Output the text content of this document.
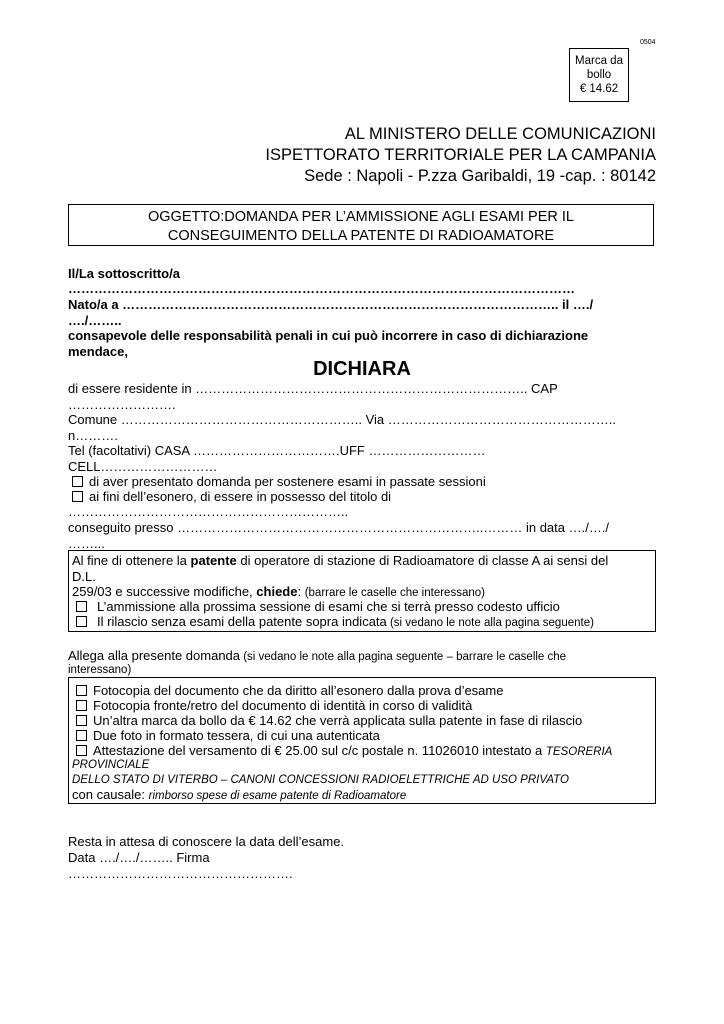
0504
Marca da
bollo
€ 14.62
AL MINISTERO DELLE COMUNICAZIONI
ISPETTORATO TERRITORIALE PER LA CAMPANIA
Sede : Napoli - P.zza Garibaldi, 19 -cap. : 80142
OGGETTO:DOMANDA PER L’AMMISSIONE AGLI ESAMI PER IL
CONSEGUIMENTO DELLA PATENTE DI RADIOAMATORE
Il/La sottoscritto/a
………………………………………………………………………………………………………
Nato/a a ……………………………………………………………………………………….. il …./
…./……..
consapevole delle responsabilità penali in cui può incorrere in caso di dichiarazione
mendace,
DICHIARA
di essere residente in ………………………………………………………………….. CAP
…………………….
Comune ……………………………………………….. Via ……………………………………………..
n……….
Tel (facoltativi) CASA …………………………….UFF ………………………
CELL………………………
di aver presentato domanda per sostenere esami in passate sessioni
ai fini dell’esonero, di essere in possesso del titolo di
………………………………………………………..
conseguito presso ……………………………………………………………..……… in data …./…./
……...
Al fine di ottenere la patente di operatore di stazione di Radioamatore di classe A ai sensi del
D.L.
259/03 e successive modifiche, chiede: (barrare le caselle che interessano)
L’ammissione alla prossima sessione di esami che si terrà presso codesto ufficio
Il rilascio senza esami della patente sopra indicata (si vedano le note alla pagina seguente)
Allega alla presente domanda (si vedano le note alla pagina seguente – barrare le caselle che
interessano)
Fotocopia del documento che da diritto all’esonero dalla prova d’esame
Fotocopia fronte/retro del documento di identità in corso di validità
Un’altra marca da bollo da € 14.62 che verrà applicata sulla patente in fase di rilascio
Due foto in formato tessera, di cui una autenticata
Attestazione del versamento di € 25.00 sul c/c postale n. 11026010 intestato a TESORERIA
PROVINCIALE
DELLO STATO DI VITERBO – CANONI CONCESSIONI RADIOELETTRICHE AD USO PRIVATO
con causale: rimborso spese di esame patente di Radioamatore
Resta in attesa di conoscere la data dell’esame.
Data …./…./…….. Firma
…………………………………………….
